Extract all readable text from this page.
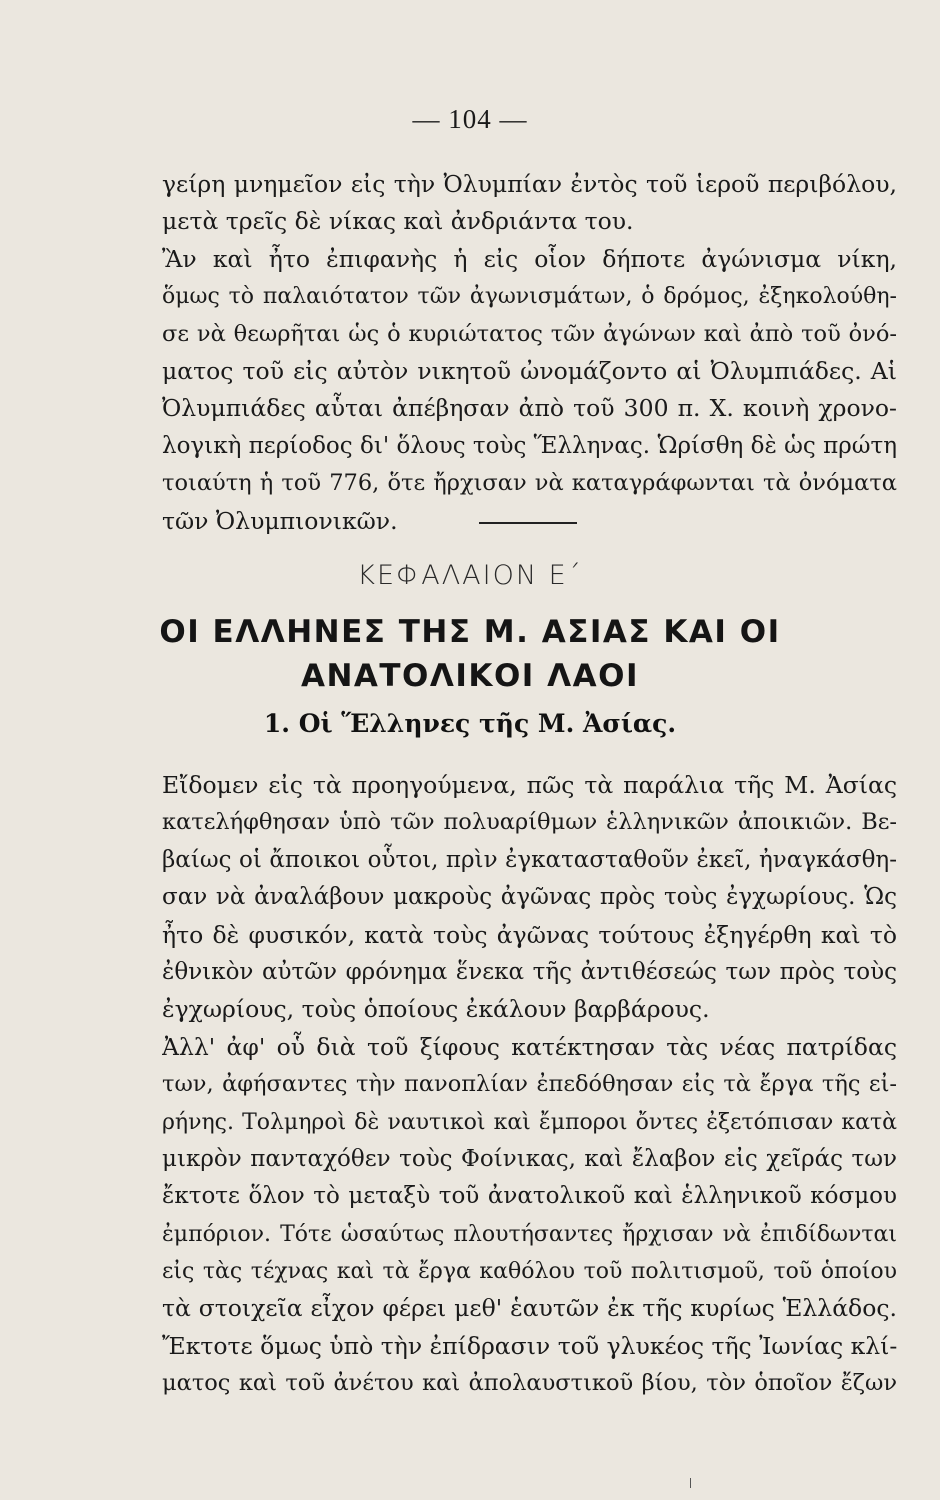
— 104 —
γείρη μνημεῖον εἰς τὴν Ὀλυμπίαν ἐντὸς τοῦ ἱεροῦ περιβόλου,
μετὰ τρεῖς δὲ νίκας καὶ ἀνδριάντα του.
Ἂν καὶ ἦτο ἐπιφανὴς ἡ εἰς οἷον δήποτε ἀγώνισμα νίκη,
ὅμως τὸ παλαιότατον τῶν ἀγωνισμάτων, ὁ δρόμος, ἐξηκολούθη-
σε νὰ θεωρῆται ὡς ὁ κυριώτατος τῶν ἀγώνων καὶ ἀπὸ τοῦ ὀνό-
ματος τοῦ εἰς αὐτὸν νικητοῦ ὠνομάζοντο αἱ Ὀλυμπιάδες. Αἱ
Ὀλυμπιάδες αὗται ἀπέβησαν ἀπὸ τοῦ 300 π. Χ. κοινὴ χρονο-
λογικὴ περίοδος δι' ὅλους τοὺς Ἕλληνας. Ὡρίσθη δὲ ὡς πρώτη
τοιαύτη ἡ τοῦ 776, ὅτε ἤρχισαν νὰ καταγράφωνται τὰ ὀνόματα
τῶν Ὀλυμπιονικῶν.
ΚΕΦΑΛΑΙΟΝ Ε΄
ΟΙ ΕΛΛΗΝΕΣ ΤΗΣ Μ. ΑΣΙΑΣ ΚΑΙ ΟΙ
ΑΝΑΤΟΛΙΚΟΙ ΛΑΟΙ
1. Οἱ Ἕλληνες τῆς Μ. Ἀσίας.
Εἴδομεν εἰς τὰ προηγούμενα, πῶς τὰ παράλια τῆς Μ. Ἀσίας
κατελήφθησαν ὑπὸ τῶν πολυαρίθμων ἑλληνικῶν ἀποικιῶν. Βε-
βαίως οἱ ἄποικοι οὗτοι, πρὶν ἐγκατασταθοῦν ἐκεῖ, ἠναγκάσθη-
σαν νὰ ἀναλάβουν μακροὺς ἀγῶνας πρὸς τοὺς ἐγχωρίους. Ὡς
ἦτο δὲ φυσικόν, κατὰ τοὺς ἀγῶνας τούτους ἐξηγέρθη καὶ τὸ
ἐθνικὸν αὐτῶν φρόνημα ἕνεκα τῆς ἀντιθέσεώς των πρὸς τοὺς
ἐγχωρίους, τοὺς ὁποίους ἐκάλουν βαρβάρους.
Ἀλλ' ἀφ' οὗ διὰ τοῦ ξίφους κατέκτησαν τὰς νέας πατρίδας
των, ἀφήσαντες τὴν πανοπλίαν ἐπεδόθησαν εἰς τὰ ἔργα τῆς εἰ-
ρήνης. Τολμηροὶ δὲ ναυτικοὶ καὶ ἔμποροι ὄντες ἐξετόπισαν κατὰ
μικρὸν πανταχόθεν τοὺς Φοίνικας, καὶ ἔλαβον εἰς χεῖράς των
ἔκτοτε ὅλον τὸ μεταξὺ τοῦ ἀνατολικοῦ καὶ ἑλληνικοῦ κόσμου
ἐμπόριον. Τότε ὡσαύτως πλουτήσαντες ἤρχισαν νὰ ἐπιδίδωνται
εἰς τὰς τέχνας καὶ τὰ ἔργα καθόλου τοῦ πολιτισμοῦ, τοῦ ὁποίου
τὰ στοιχεῖα εἶχον φέρει μεθ' ἑαυτῶν ἐκ τῆς κυρίως Ἑλλάδος.
Ἔκτοτε ὅμως ὑπὸ τὴν ἐπίδρασιν τοῦ γλυκέος τῆς Ἰωνίας κλί-
ματος καὶ τοῦ ἀνέτου καὶ ἀπολαυστικοῦ βίου, τὸν ὁποῖον ἔζων
